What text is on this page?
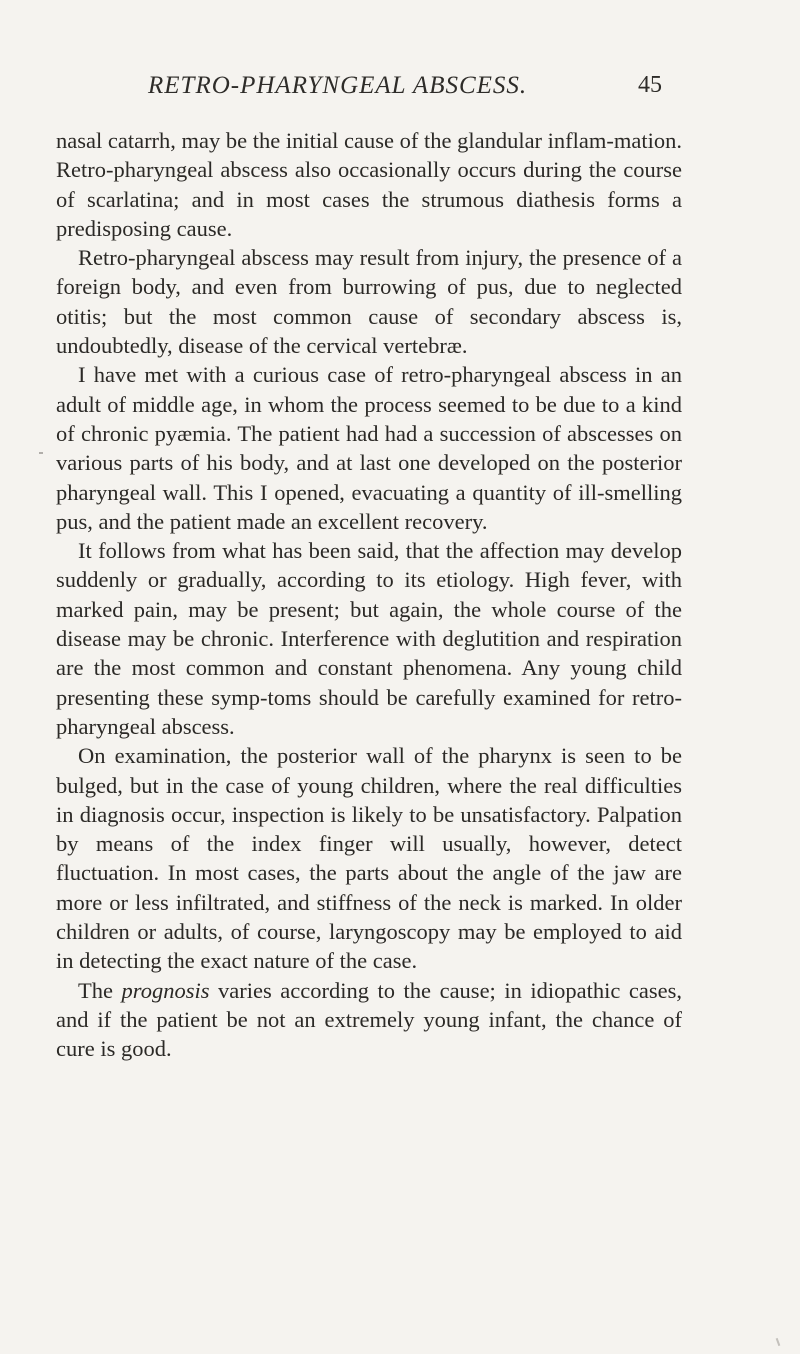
RETRO-PHARYNGEAL ABSCESS.	45

nasal catarrh, may be the initial cause of the glandular inflam-mation. Retro-pharyngeal abscess also occasionally occurs during the course of scarlatina; and in most cases the strumous diathesis forms a predisposing cause.

Retro-pharyngeal abscess may result from injury, the presence of a foreign body, and even from burrowing of pus, due to neglected otitis; but the most common cause of secondary abscess is, undoubtedly, disease of the cervical vertebræ.

I have met with a curious case of retro-pharyngeal abscess in an adult of middle age, in whom the process seemed to be due to a kind of chronic pyæmia. The patient had had a succession of abscesses on various parts of his body, and at last one developed on the posterior pharyngeal wall. This I opened, evacuating a quantity of ill-smelling pus, and the patient made an excellent recovery.

It follows from what has been said, that the affection may develop suddenly or gradually, according to its etiology. High fever, with marked pain, may be present; but again, the whole course of the disease may be chronic. Interference with deglutition and respiration are the most common and constant phenomena. Any young child presenting these symp-toms should be carefully examined for retro-pharyngeal abscess.

On examination, the posterior wall of the pharynx is seen to be bulged, but in the case of young children, where the real difficulties in diagnosis occur, inspection is likely to be unsatisfactory. Palpation by means of the index finger will usually, however, detect fluctuation. In most cases, the parts about the angle of the jaw are more or less infiltrated, and stiffness of the neck is marked. In older children or adults, of course, laryngoscopy may be employed to aid in detecting the exact nature of the case.

The prognosis varies according to the cause; in idiopathic cases, and if the patient be not an extremely young infant, the chance of cure is good.
